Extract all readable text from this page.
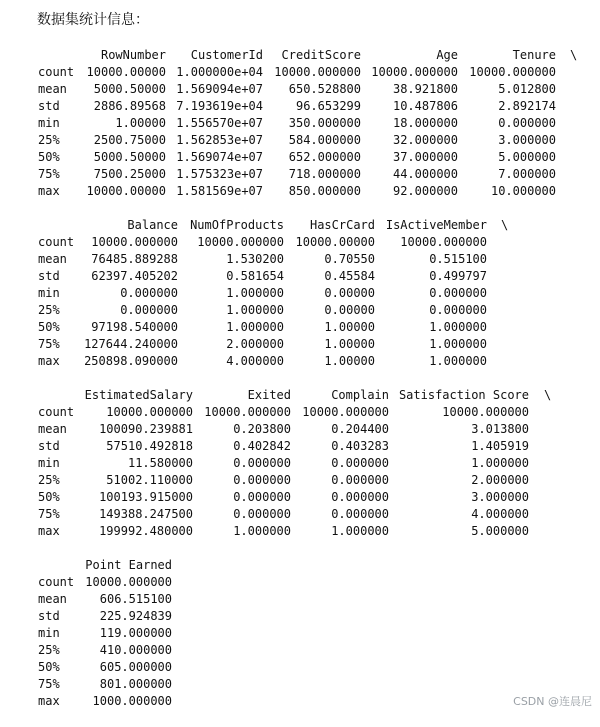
数据集统计信息：
RowNumber	CustomerId	CreditScore	Age	Tenure \
count	10000.00000 1.000000e+04 10000.000000 10000.000000 10000.000000
mean	5000.50000 1.569094e+07	650.528800	38.921800	5.012800
std	2886.89568 7.193619e+04	96.653299	10.487806	2.892174
min	1.00000 1.556570e+07	350.000000	18.000000	0.000000
25%	2500.75000 1.562853e+07	584.000000	32.000000	3.000000
50%	5000.50000 1.569074e+07	652.000000	37.000000	5.000000
75%	7500.25000 1.575323e+07	718.000000	44.000000	7.000000
max	10000.00000 1.581569e+07	850.000000	92.000000	10.000000
Balance	NumOfProducts	HasCrCard IsActiveMember \
count	10000.000000	10000.000000 10000.00000	10000.000000
mean	76485.889288	1.530200	0.70550	0.515100
std	62397.405202	0.581654	0.45584	0.499797
min	0.000000	1.000000	0.00000	0.000000
25%	0.000000	1.000000	0.00000	0.000000
50%	97198.540000	1.000000	1.00000	1.000000
75%	127644.240000	2.000000	1.00000	1.000000
max	250898.090000	4.000000	1.00000	1.000000
EstimatedSalary	Exited	Complain Satisfaction Score \
count	10000.000000 10000.000000 10000.000000	10000.000000
mean	100090.239881	0.203800	0.204400	3.013800
std	57510.492818	0.402842	0.403283	1.405919
min	11.580000	0.000000	0.000000	1.000000
25%	51002.110000	0.000000	0.000000	2.000000
50%	100193.915000	0.000000	0.000000	3.000000
75%	149388.247500	0.000000	0.000000	4.000000
max	199992.480000	1.000000	1.000000	5.000000
Point Earned
count 10000.000000
mean	606.515100
std	225.924839
min	119.000000
25%	410.000000
50%	605.000000
75%	801.000000
max	1000.000000	CSDN @连晨尼
